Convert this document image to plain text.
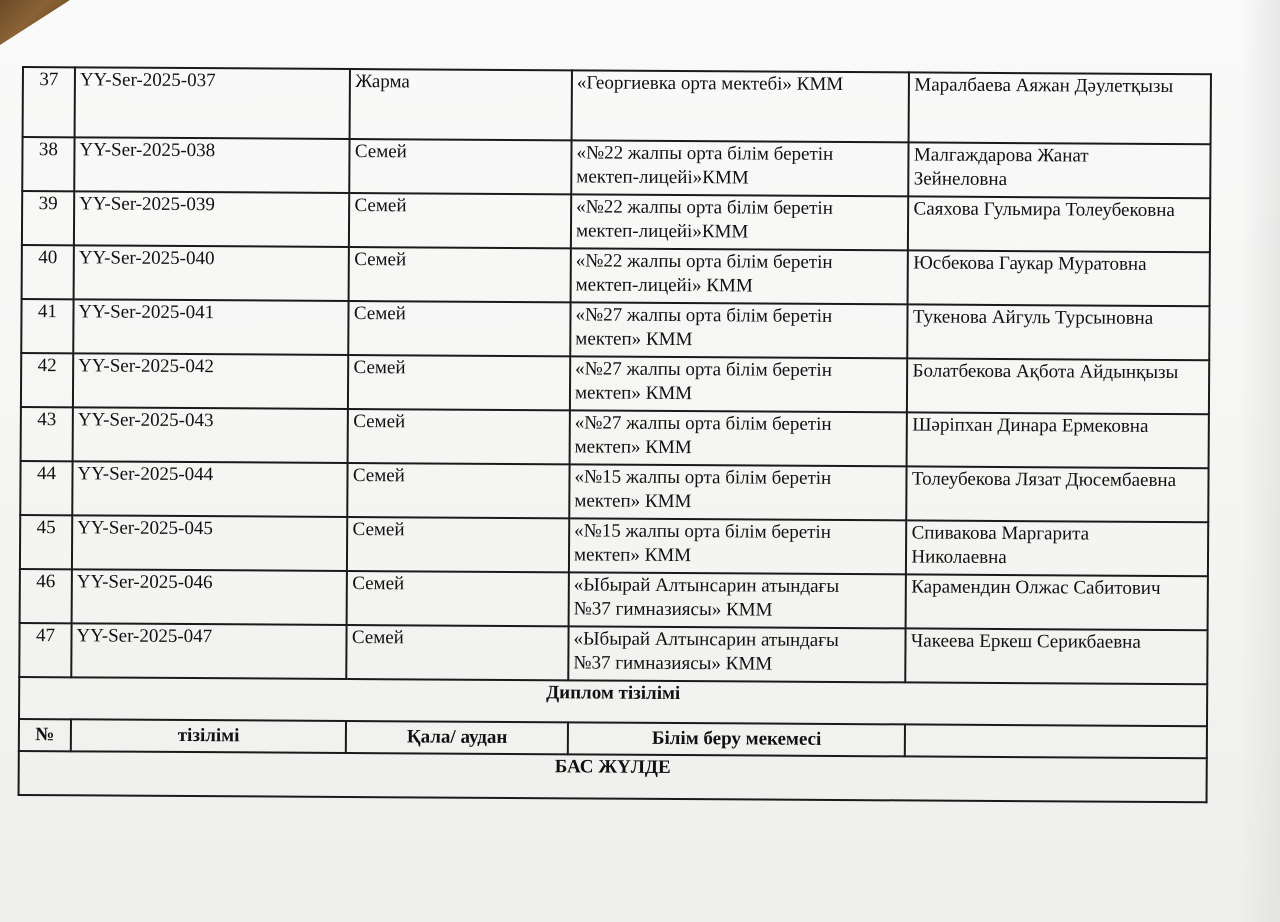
37	YY-Ser-2025-037	Жарма	«Георгиевка орта мектебі» КММ	Маралбаева Аяжан Дәулетқызы

38	YY-Ser-2025-038	Семей	«№22 жалпы орта білім беретін
мектеп-лицейі»КММ	Малгаждарова Жанат
Зейнеловна

39	YY-Ser-2025-039	Семей	«№22 жалпы орта білім беретін
мектеп-лицейі»КММ	Саяхова Гульмира Толеубековна

40	YY-Ser-2025-040	Семей	«№22 жалпы орта білім беретін
мектеп-лицейі» КММ	Юсбекова Гаукар Муратовна

41	YY-Ser-2025-041	Семей	«№27 жалпы орта білім беретін
мектеп» КММ	Тукенова Айгуль Турсыновна

42	YY-Ser-2025-042	Семей	«№27 жалпы орта білім беретін
мектеп» КММ	Болатбекова Ақбота Айдынқызы

43	YY-Ser-2025-043	Семей	«№27 жалпы орта білім беретін
мектеп» КММ	Шәріпхан Динара Ермековна

44	YY-Ser-2025-044	Семей	«№15 жалпы орта білім беретін
мектеп» КММ	Толеубекова Лязат Дюсембаевна

45	YY-Ser-2025-045	Семей	«№15 жалпы орта білім беретін
мектеп» КММ	Спивакова Маргарита
Николаевна

46	YY-Ser-2025-046	Семей	«Ыбырай Алтынсарин атындағы
№37 гимназиясы» КММ	Карамендин Олжас Сабитович

47	YY-Ser-2025-047	Семей	«Ыбырай Алтынсарин атындағы
№37 гимназиясы» КММ	Чакеева Еркеш Серикбаевна

Диплом тізілімі				
№	тізілімі	Қала/ аудан	Білім беру мекемесі	
БАС ЖҮЛДЕ				
